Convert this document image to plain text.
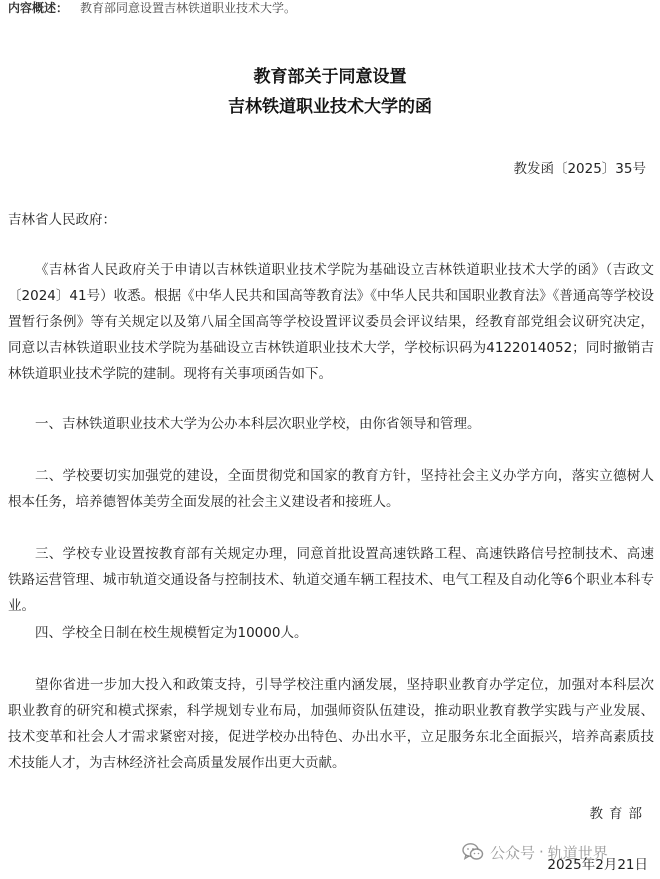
内容概述： 教育部同意设置吉林铁道职业技术大学。
教育部关于同意设置
吉林铁道职业技术大学的函
教发函〔2025〕35号
吉林省人民政府：
《吉林省人民政府关于申请以吉林铁道职业技术学院为基础设立吉林铁道职业技术大学的函》（吉政文〔2024〕41号）收悉。根据《中华人民共和国高等教育法》《中华人民共和国职业教育法》《普通高等学校设置暂行条例》等有关规定以及第八届全国高等学校设置评议委员会评议结果，经教育部党组会议研究决定，同意以吉林铁道职业技术学院为基础设立吉林铁道职业技术大学，学校标识码为4122014052；同时撤销吉林铁道职业技术学院的建制。现将有关事项函告如下。
一、吉林铁道职业技术大学为公办本科层次职业学校，由你省领导和管理。
二、学校要切实加强党的建设，全面贯彻党和国家的教育方针，坚持社会主义办学方向，落实立德树人根本任务，培养德智体美劳全面发展的社会主义建设者和接班人。
三、学校专业设置按教育部有关规定办理，同意首批设置高速铁路工程、高速铁路信号控制技术、高速铁路运营管理、城市轨道交通设备与控制技术、轨道交通车辆工程技术、电气工程及自动化等6个职业本科专业。
四、学校全日制在校生规模暂定为10000人。
望你省进一步加大投入和政策支持，引导学校注重内涵发展，坚持职业教育办学定位，加强对本科层次职业教育的研究和模式探索，科学规划专业布局，加强师资队伍建设，推动职业教育教学实践与产业发展、技术变革和社会人才需求紧密对接，促进学校办出特色、办出水平，立足服务东北全面振兴，培养高素质技术技能人才，为吉林经济社会高质量发展作出更大贡献。
教育部
公众号 · 轨道世界
2025年2月21日
